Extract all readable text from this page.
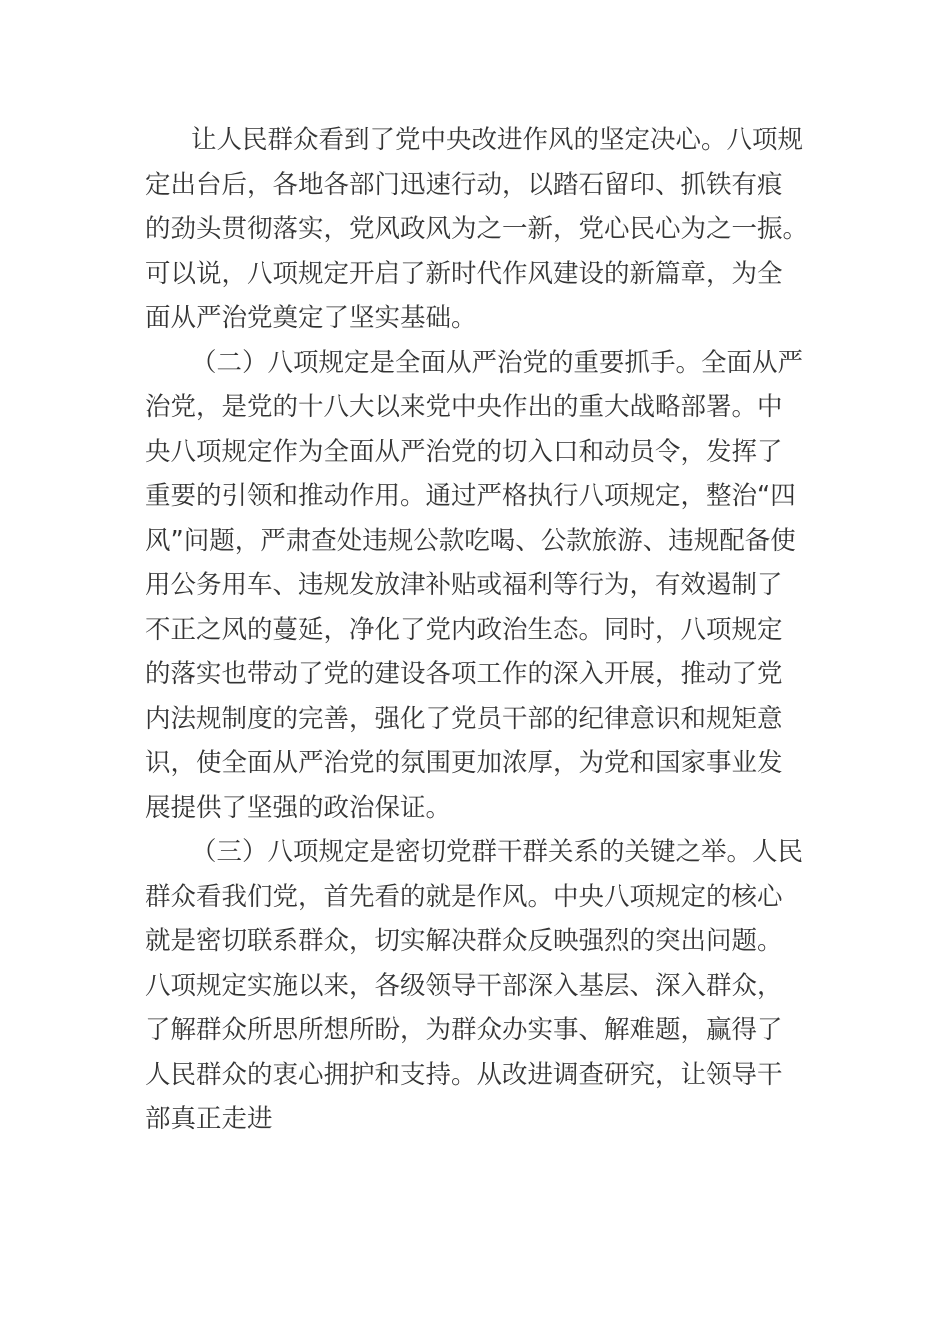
让人民群众看到了党中央改进作风的坚定决心。八项规
定出台后，各地各部门迅速行动，以踏石留印、抓铁有痕
的劲头贯彻落实，党风政风为之一新，党心民心为之一振。
可以说，八项规定开启了新时代作风建设的新篇章，为全
面从严治党奠定了坚实基础。
（二）八项规定是全面从严治党的重要抓手。全面从严
治党，是党的十八大以来党中央作出的重大战略部署。中
央八项规定作为全面从严治党的切入口和动员令，发挥了
重要的引领和推动作用。通过严格执行八项规定，整治“四
风”问题，严肃查处违规公款吃喝、公款旅游、违规配备使
用公务用车、违规发放津补贴或福利等行为，有效遏制了
不正之风的蔓延，净化了党内政治生态。同时，八项规定
的落实也带动了党的建设各项工作的深入开展，推动了党
内法规制度的完善，强化了党员干部的纪律意识和规矩意
识，使全面从严治党的氛围更加浓厚，为党和国家事业发
展提供了坚强的政治保证。
（三）八项规定是密切党群干群关系的关键之举。人民
群众看我们党，首先看的就是作风。中央八项规定的核心
就是密切联系群众，切实解决群众反映强烈的突出问题。
八项规定实施以来，各级领导干部深入基层、深入群众，
了解群众所思所想所盼，为群众办实事、解难题，赢得了
人民群众的衷心拥护和支持。从改进调查研究，让领导干
部真正走进
